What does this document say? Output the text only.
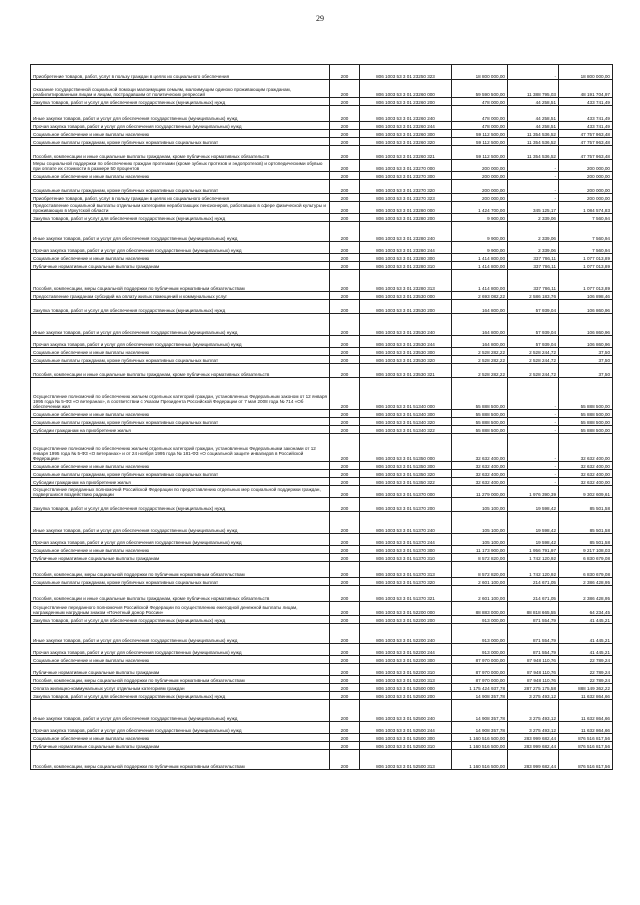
29
Приобретение товаров, работ, услуг в пользу граждан в целях их социального обеспечения	200	806 1003 53 3 01 23250 323	18 800 000,00	-	18 800 000,00
Оказание государственной социальной помощи малоимущим семьям, малоимущим одиноко проживающим гражданам, реабилитированным лицам и лицам, пострадавшим от политических репрессий	200	806 1003 53 3 01 23260 000	59 590 500,00	11 388 795,03	48 191 704,97
Закупка товаров, работ и услуг для обеспечения государственных (муниципальных) нужд	200	806 1003 53 3 01 23260 200	478 000,00	44 258,51	433 741,49
Иные закупки товаров, работ и услуг для обеспечения государственных (муниципальных) нужд	200	806 1003 53 3 01 23260 240	478 000,00	44 258,51	433 741,49
Прочая закупка товаров, работ и услуг для обеспечения государственных (муниципальных) нужд	200	806 1003 53 3 01 23260 244	478 000,00	44 258,51	433 741,49
Социальное обеспечение и иные выплаты населению	200	806 1003 53 3 01 23260 300	59 112 500,00	11 354 536,52	47 757 963,48
Социальные выплаты гражданам, кроме публичных нормативных социальных выплат	200	806 1003 53 3 01 23260 320	59 112 500,00	11 354 536,52	47 757 963,48
Пособия, компенсации и иные социальные выплаты гражданам, кроме публичных нормативных обязательств	200	806 1003 53 3 01 23260 321	59 112 500,00	11 354 536,52	47 757 963,48
Меры социальной поддержки по обеспечению граждан протезами (кроме зубных протезов и эндопротезов) и ортопедическими обувью при оплате их стоимости в размере 50 процентов	200	806 1003 53 3 01 23270 000	200 000,00	-	200 000,00
Социальное обеспечение и иные выплаты населению	200	806 1003 53 3 01 23270 300	200 000,00	-	200 000,00
Социальные выплаты гражданам, кроме публичных нормативных социальных выплат	200	806 1003 53 3 01 23270 320	200 000,00	-	200 000,00
Приобретение товаров, работ, услуг в пользу граждан в целях их социального обеспечения	200	806 1003 53 3 01 23270 323	200 000,00	-	200 000,00
Предоставление социальной выплаты отдельным категориям неработающих пенсионеров, работавших в сфере физической культуры и проживающих в Иркутской области	200	806 1003 53 3 01 23280 000	1 424 700,00	345 125,17	1 084 574,83
Закупка товаров, работ и услуг для обеспечения государственных (муниципальных) нужд	200	806 1003 53 3 01 23280 200	9 900,00	2 339,06	7 560,94
Иные закупки товаров, работ и услуг для обеспечения государственных (муниципальных) нужд	200	806 1003 53 3 01 23280 240	9 900,00	2 339,06	7 560,94
Прочая закупка товаров, работ и услуг для обеспечения государственных (муниципальных) нужд	200	806 1003 53 3 01 23280 244	9 900,00	2 339,06	7 560,94
Социальное обеспечение и иные выплаты населению	200	806 1003 53 3 01 23280 300	1 414 800,00	337 786,11	1 077 013,89
Публичные нормативные социальные выплаты гражданам	200	806 1003 53 3 01 23280 310	1 414 800,00	337 786,11	1 077 013,89
Пособия, компенсации, меры социальной поддержки по публичным нормативным обязательствам	200	806 1003 53 3 01 23280 313	1 414 800,00	337 786,11	1 077 013,89
Предоставление гражданам субсидий на оплату жилых помещений и коммунальных услуг	200	806 1003 53 3 01 23530 000	2 693 082,22	2 586 183,76	106 898,46
Закупка товаров, работ и услуг для обеспечения государственных (муниципальных) нужд	200	806 1003 53 3 01 23530 200	164 800,00	57 939,04	106 860,96
Иные закупки товаров, работ и услуг для обеспечения государственных (муниципальных) нужд	200	806 1003 53 3 01 23530 240	164 800,00	57 939,04	106 860,96
Прочая закупка товаров, работ и услуг для обеспечения государственных (муниципальных) нужд	200	806 1003 53 3 01 23530 244	164 800,00	57 939,04	106 860,96
Социальное обеспечение и иные выплаты населению	200	806 1003 53 3 01 23530 300	2 528 282,22	2 528 244,72	37,50
Социальные выплаты гражданам, кроме публичных нормативных социальных выплат	200	806 1003 53 3 01 23530 320	2 528 282,22	2 528 244,72	37,50
Пособия, компенсации и иные социальные выплаты гражданам, кроме публичных нормативных обязательств	200	806 1003 53 3 01 23530 321	2 528 282,22	2 528 244,72	37,50
Осуществление полномочий по обеспечению жильем отдельных категорий граждан, установленных Федеральным законом от 12 января 1995 года № 5-ФЗ «О ветеранах», в соответствии с Указом Президента Российской Федерации от 7 мая 2008 года № 714 «Об обеспечении жил	200	806 1003 53 3 01 51340 000	55 888 500,00	-	55 888 500,00
Социальное обеспечение и иные выплаты населению	200	806 1003 53 3 01 51340 300	55 888 500,00	-	55 888 500,00
Социальные выплаты гражданам, кроме публичных нормативных социальных выплат	200	806 1003 53 3 01 51340 320	55 888 500,00	-	55 888 500,00
Субсидии гражданам на приобретение жилья	200	806 1003 53 3 01 51340 322	55 888 500,00	-	55 888 500,00
Осуществление полномочий по обеспечению жильем отдельных категорий граждан, установленных Федеральными законами от 12 января 1995 года № 5-ФЗ «О ветеранах» и от 24 ноября 1995 года № 181-ФЗ «О социальной защите инвалидов в Российской Федерации»	200	806 1003 53 3 01 51350 000	32 632 400,00	-	32 632 400,00
Социальное обеспечение и иные выплаты населению	200	806 1003 53 3 01 51350 300	32 632 400,00	-	32 632 400,00
Социальные выплаты гражданам, кроме публичных нормативных социальных выплат	200	806 1003 53 3 01 51350 320	32 632 400,00	-	32 632 400,00
Субсидии гражданам на приобретение жилья	200	806 1003 53 3 01 51350 322	32 632 400,00	-	32 632 400,00
Осуществление переданных полномочий Российской Федерации по предоставлению отдельных мер социальной поддержки граждан, подвергшихся воздействию радиации	200	806 1003 53 3 01 51370 000	11 279 000,00	1 976 390,39	9 302 609,61
Закупка товаров, работ и услуг для обеспечения государственных (муниципальных) нужд	200	806 1003 53 3 01 51370 200	105 100,00	19 598,42	85 501,58
Иные закупки товаров, работ и услуг для обеспечения государственных (муниципальных) нужд	200	806 1003 53 3 01 51370 240	105 100,00	19 598,42	85 501,58
Прочая закупка товаров, работ и услуг для обеспечения государственных (муниципальных) нужд	200	806 1003 53 3 01 51370 244	105 100,00	19 598,42	85 501,58
Социальное обеспечение и иные выплаты населению	200	806 1003 53 3 01 51370 300	11 173 900,00	1 956 791,97	9 217 108,03
Публичные нормативные социальные выплаты гражданам	200	806 1003 53 3 01 51370 310	8 572 820,00	1 742 120,92	6 830 679,08
Пособия, компенсации, меры социальной поддержки по публичным нормативным обязательствам	200	806 1003 53 3 01 51370 313	8 572 820,00	1 742 120,92	6 830 679,08
Социальные выплаты гражданам, кроме публичных нормативных социальных выплат	200	806 1003 53 3 01 51370 320	2 601 100,00	214 671,05	2 386 428,95
Пособия, компенсации и иные социальные выплаты гражданам, кроме публичных нормативных обязательств	200	806 1003 53 3 01 51370 321	2 601 100,00	214 671,05	2 386 428,95
Осуществление переданного полномочия Российской Федерации по осуществлению ежегодной денежной выплаты лицам, награжденным нагрудным знаком «Почетный донор России»	200	806 1003 53 3 01 52200 000	88 883 000,00	88 818 665,55	64 234,45
Закупка товаров, работ и услуг для обеспечения государственных (муниципальных) нужд	200	806 1003 53 3 01 52200 200	913 000,00	871 554,79	41 445,21
Иные закупки товаров, работ и услуг для обеспечения государственных (муниципальных) нужд	200	806 1003 53 3 01 52200 240	913 000,00	871 554,79	41 445,21
Прочая закупка товаров, работ и услуг для обеспечения государственных (муниципальных) нужд	200	806 1003 53 3 01 52200 244	913 000,00	871 554,79	41 445,21
Социальное обеспечение и иные выплаты населению	200	806 1003 53 3 01 52200 300	87 970 000,00	87 948 110,76	22 789,24
Публичные нормативные социальные выплаты гражданам	200	806 1003 53 3 01 52200 310	87 970 000,00	87 948 110,76	22 789,24
Пособия, компенсации, меры социальной поддержки по публичным нормативным обязательствам	200	806 1003 53 3 01 52200 313	87 970 000,00	87 948 110,76	22 789,24
Оплата жилищно-коммунальных услуг отдельным категориям граждан	200	806 1003 53 3 01 52500 000	1 175 424 937,78	287 275 175,58	888 149 362,22
Закупка товаров, работ и услуг для обеспечения государственных (муниципальных) нужд	200	806 1003 53 3 01 52500 200	14 908 357,78	3 275 493,12	11 632 864,66
Иные закупки товаров, работ и услуг для обеспечения государственных (муниципальных) нужд	200	806 1003 53 3 01 52500 240	14 908 357,78	3 275 493,12	11 632 864,66
Прочая закупка товаров, работ и услуг для обеспечения государственных (муниципальных) нужд	200	806 1003 53 3 01 52500 244	14 908 357,78	3 275 493,12	11 632 864,66
Социальное обеспечение и иные выплаты населению	200	806 1003 53 3 01 52500 300	1 160 516 500,00	283 999 682,44	876 516 817,56
Публичные нормативные социальные выплаты гражданам	200	806 1003 53 3 01 52500 310	1 160 516 500,00	283 999 682,44	876 516 817,56
Пособия, компенсации, меры социальной поддержки по публичным нормативным обязательствам	200	806 1003 53 3 01 52500 313	1 160 516 500,00	283 999 682,44	876 516 817,56
